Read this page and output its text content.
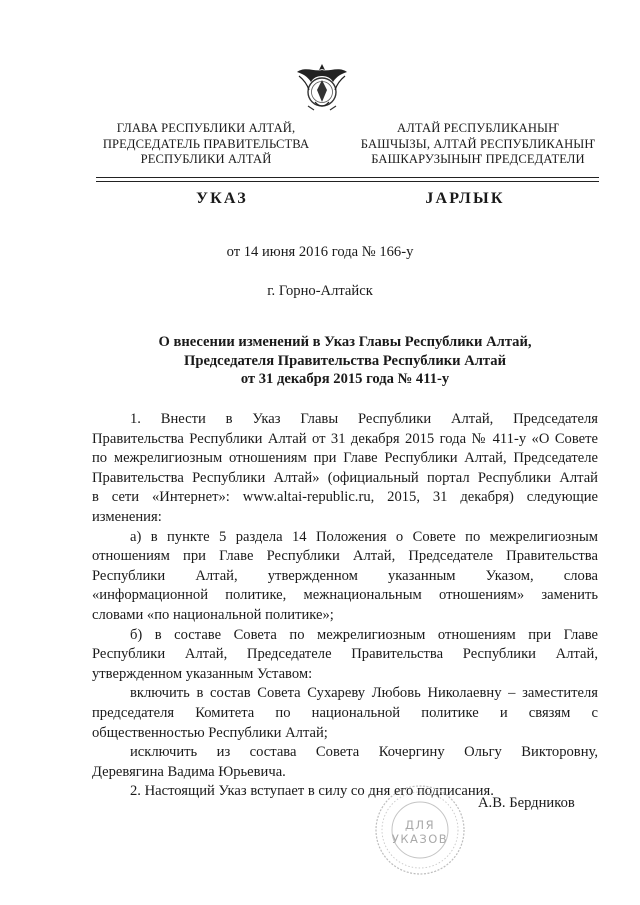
ГЛАВА РЕСПУБЛИКИ АЛТАЙ,
ПРЕДСЕДАТЕЛЬ ПРАВИТЕЛЬСТВА
РЕСПУБЛИКИ АЛТАЙ
АЛТАЙ РЕСПУБЛИКАНЫҤ
БАШЧЫЗЫ, АЛТАЙ РЕСПУБЛИКАНЫҤ
БАШКАРУЗЫНЫҤ ПРЕДСЕДАТЕЛИ
УКАЗ	JАРЛЫК
от 14 июня 2016 года № 166-у
г. Горно-Алтайск
О внесении изменений в Указ Главы Республики Алтай,
Председателя Правительства Республики Алтай
от 31 декабря 2015 года № 411-у
1. Внести в Указ Главы Республики Алтай, Председателя
Правительства Республики Алтай от 31 декабря 2015 года № 411-у «О Совете
по межрелигиозным отношениям при Главе Республики Алтай, Председателе
Правительства Республики Алтай» (официальный портал Республики Алтай
в сети «Интернет»: www.altai-republic.ru, 2015, 31 декабря) следующие
изменения:
а) в пункте 5 раздела 14 Положения о Совете по межрелигиозным
отношениям при Главе Республики Алтай, Председателе Правительства
Республики Алтай, утвержденном указанным Указом, слова
«информационной политике, межнациональным отношениям» заменить
словами «по национальной политике»;
б) в составе Совета по межрелигиозным отношениям при Главе
Республики Алтай, Председателе Правительства Республики Алтай,
утвержденном указанным Уставом:
включить в состав Совета Сухареву Любовь Николаевну – заместителя
председателя Комитета по национальной политике и связям с
общественностью Республики Алтай;
исключить из состава Совета Кочергину Ольгу Викторовну,
Деревягина Вадима Юрьевича.
2. Настоящий Указ вступает в силу со дня его подписания.
ДЛЯ
УКАЗОВ
А.В. Бердников
